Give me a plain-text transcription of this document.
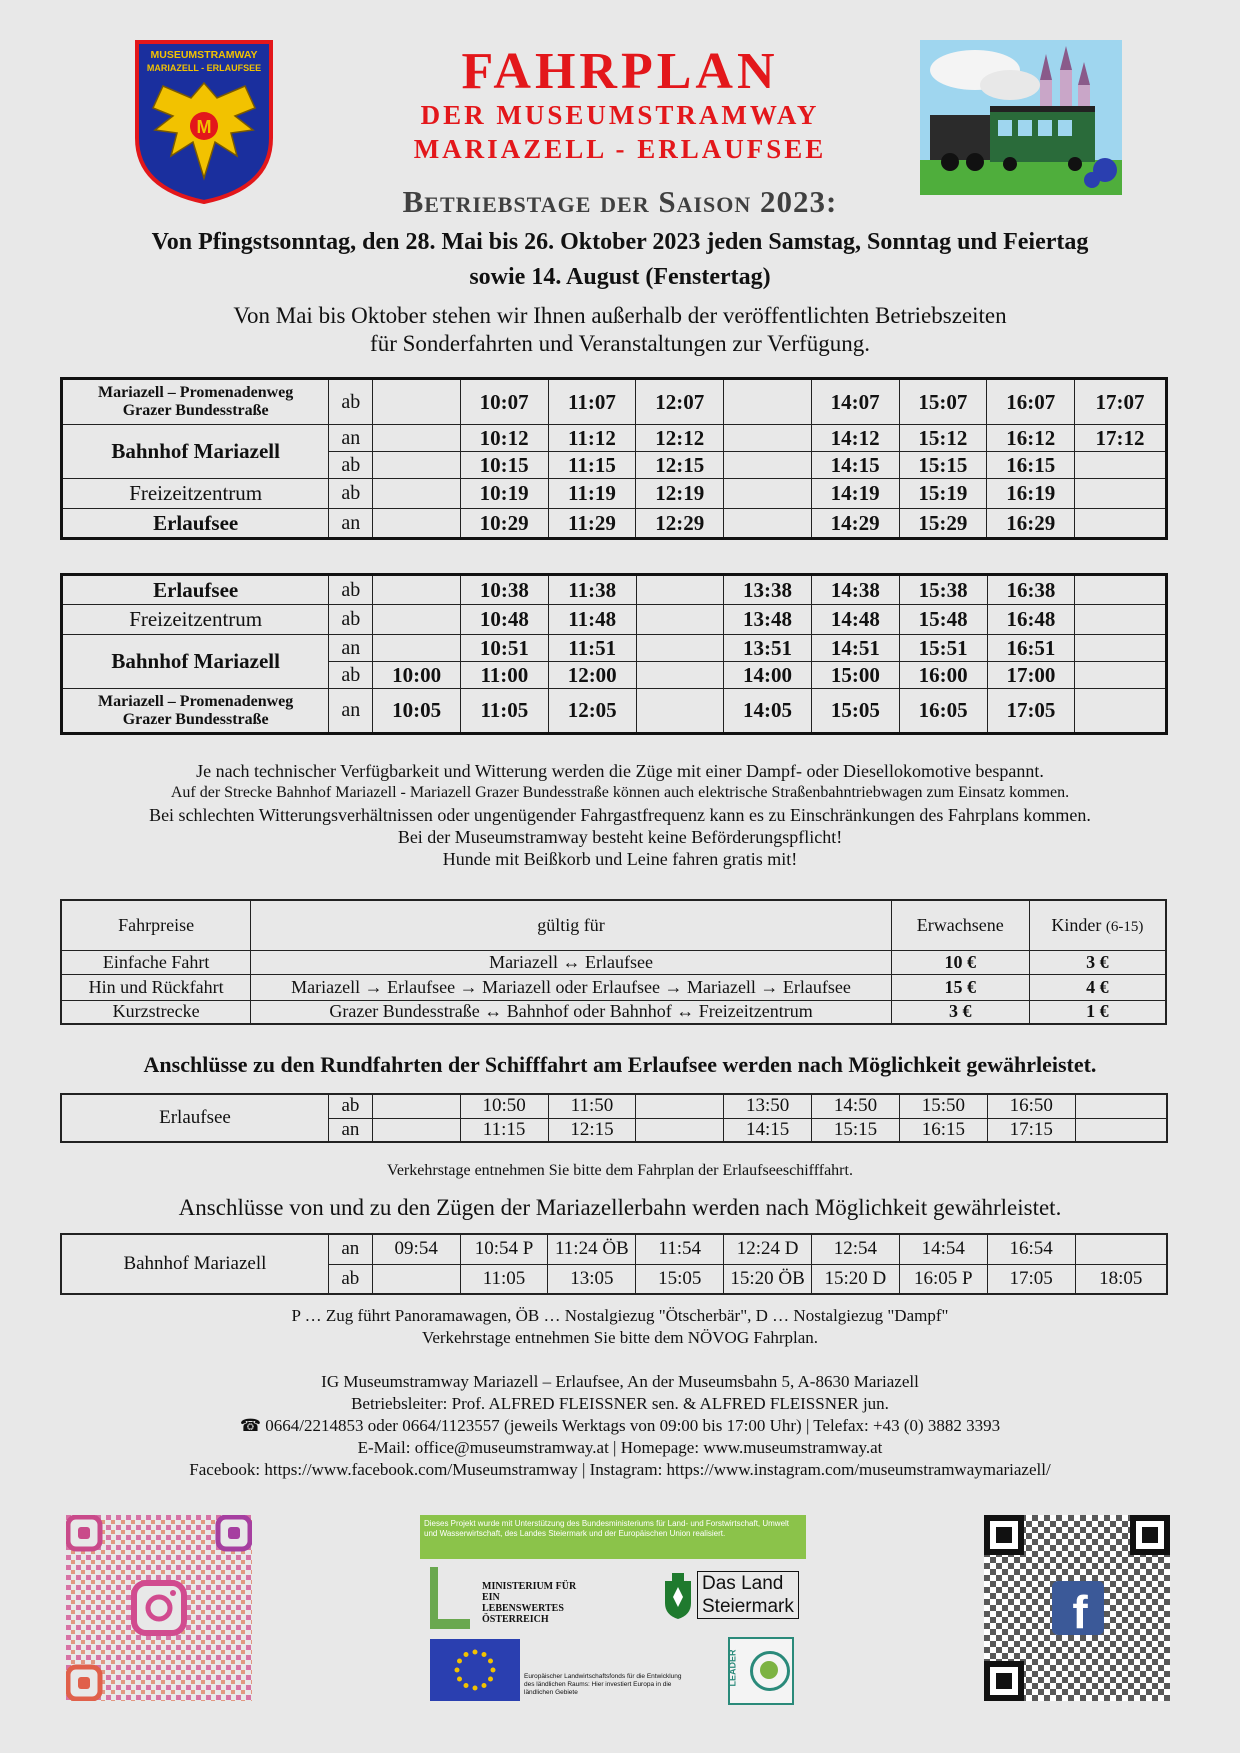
MUSEUMSTRAMWAY
MARIAZELL - ERLAUFSEE
M
FAHRPLAN
DER MUSEUMSTRAMWAY
MARIAZELL - ERLAUFSEE
Betriebstage der Saison 2023:
Von Pfingstsonntag, den 28. Mai bis 26. Oktober 2023 jeden Samstag, Sonntag und Feiertag
sowie 14. August (Fenstertag)
Von Mai bis Oktober stehen wir Ihnen außerhalb der veröffentlichten Betriebszeiten
für Sonderfahrten und Veranstaltungen zur Verfügung.
Mariazell – Promenadenweg
Grazer Bundesstraße	ab		10:07	11:07	12:07		14:07	15:07	16:07	17:07
Bahnhof Mariazell	an		10:12	11:12	12:12		14:12	15:12	16:12	17:12
	ab		10:15	11:15	12:15		14:15	15:15	16:15	
Freizeitzentrum	ab		10:19	11:19	12:19		14:19	15:19	16:19	
Erlaufsee	an		10:29	11:29	12:29		14:29	15:29	16:29	
Erlaufsee	ab		10:38	11:38		13:38	14:38	15:38	16:38	
Freizeitzentrum	ab		10:48	11:48		13:48	14:48	15:48	16:48	
Bahnhof Mariazell	an		10:51	11:51		13:51	14:51	15:51	16:51	
	ab	10:00	11:00	12:00		14:00	15:00	16:00	17:00	
Mariazell – Promenadenweg
Grazer Bundesstraße	an	10:05	11:05	12:05		14:05	15:05	16:05	17:05	
Je nach technischer Verfügbarkeit und Witterung werden die Züge mit einer Dampf- oder Diesellokomotive bespannt.
Auf der Strecke Bahnhof Mariazell - Mariazell Grazer Bundesstraße können auch elektrische Straßenbahntriebwagen zum Einsatz kommen.
Bei schlechten Witterungsverhältnissen oder ungenügender Fahrgastfrequenz kann es zu Einschränkungen des Fahrplans kommen.
Bei der Museumstramway besteht keine Beförderungspflicht!
Hunde mit Beißkorb und Leine fahren gratis mit!
Fahrpreise	gültig für	Erwachsene	Kinder (6-15)
Einfache Fahrt	Mariazell ↔ Erlaufsee	10 €	3 €
Hin und Rückfahrt	Mariazell → Erlaufsee → Mariazell oder Erlaufsee → Mariazell → Erlaufsee	15 €	4 €
Kurzstrecke	Grazer Bundesstraße ↔ Bahnhof oder Bahnhof ↔ Freizeitzentrum	3 €	1 €
Anschlüsse zu den Rundfahrten der Schifffahrt am Erlaufsee werden nach Möglichkeit gewährleistet.
Erlaufsee	ab		10:50	11:50		13:50	14:50	15:50	16:50	
	an		11:15	12:15		14:15	15:15	16:15	17:15	
Verkehrstage entnehmen Sie bitte dem Fahrplan der Erlaufseeschifffahrt.
Anschlüsse von und zu den Zügen der Mariazellerbahn werden nach Möglichkeit gewährleistet.
Bahnhof Mariazell	an	09:54	10:54 P	11:24 ÖB	11:54	12:24 D	12:54	14:54	16:54	
	ab		11:05	13:05	15:05	15:20 ÖB	15:20 D	16:05 P	17:05	18:05
P … Zug führt Panoramawagen, ÖB … Nostalgiezug "Ötscherbär", D … Nostalgiezug "Dampf"
Verkehrstage entnehmen Sie bitte dem NÖVOG Fahrplan.
IG Museumstramway Mariazell – Erlaufsee, An der Museumsbahn 5, A-8630 Mariazell
Betriebsleiter: Prof. ALFRED FLEISSNER sen. & ALFRED FLEISSNER jun.
☎ 0664/2214853 oder 0664/1123557 (jeweils Werktags von 09:00 bis 17:00 Uhr) | Telefax: +43 (0) 3882 3393
E-Mail: office@museumstramway.at | Homepage: www.museumstramway.at
Facebook: https://www.facebook.com/Museumstramway | Instagram: https://www.instagram.com/museumstramwaymariazell/
Dieses Projekt wurde mit Unterstützung des Bundesministeriums für Land- und Forstwirtschaft, Umwelt und Wasserwirtschaft, des Landes Steiermark und der Europäischen Union realisiert.
MINISTERIUM FÜR EIN LEBENSWERTES ÖSTERREICH
Das Land
Steiermark
Europäischer Landwirtschaftsfonds für die Entwicklung des ländlichen Raums: Hier investiert Europa in die ländlichen Gebiete
LEADER
f
